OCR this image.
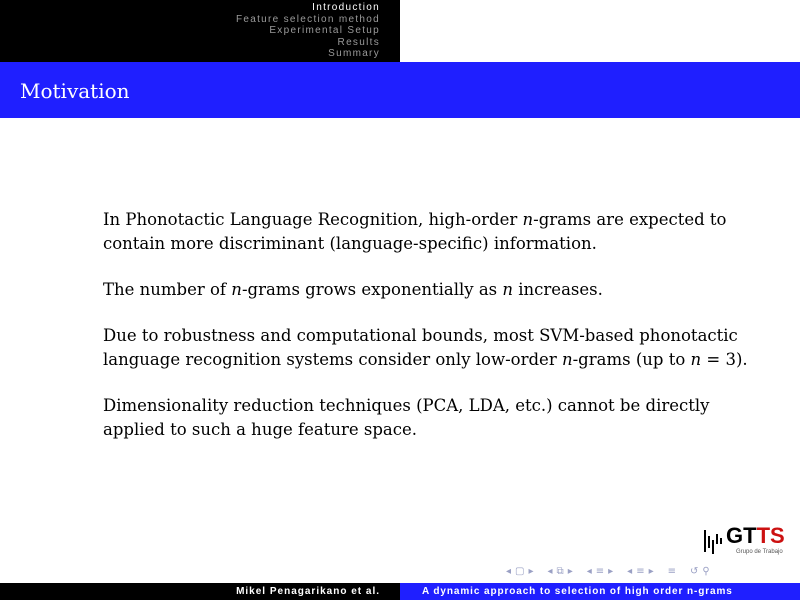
Introduction
Feature selection method
Experimental Setup
Results
Summary
Motivation

In Phonotactic Language Recognition, high-order n-grams are expected to contain more discriminant (language-specific) information.

The number of n-grams grows exponentially as n increases.

Due to robustness and computational bounds, most SVM-based phonotactic language recognition systems consider only low-order n-grams (up to n = 3).

Dimensionality reduction techniques (PCA, LDA, etc.) cannot be directly applied to such a huge feature space.

GTTS
Grupo de Trabajo
◂ ▢ ▸ ◂ ⧉ ▸ ◂ ≡ ▸ ◂ ≡ ▸ ≡ ↺ ⚲
Mikel Penagarikano et al.	A dynamic approach to selection of high order n-grams
